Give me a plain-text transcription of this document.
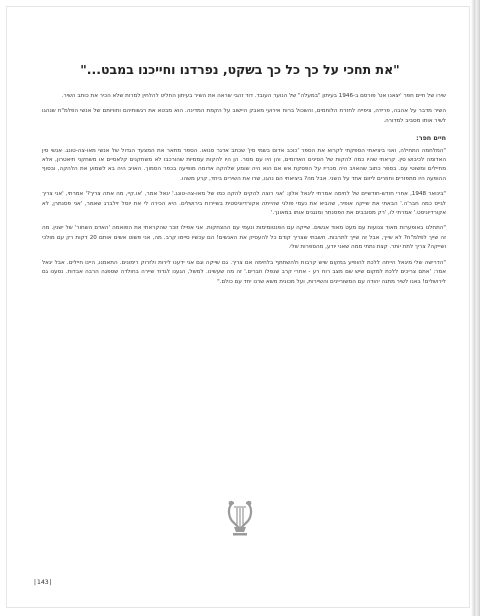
"את תחכי על כך כל כך בשקט, נפרדנו וחייכנו במבט..."

שירו של חיים חפר 'יצאנו אט' פורסם ב-1946 בעיתון "במעלה" של הנוער העובד. דוד זהבי שראה את השיר בעיתון החליט להלחין למרות שלא הכיר את כותב השיר.

השיר מדבר על אהבה, פרידה, ציפייה לחזרת הלוחמים, והשכול ברוח אירועי מאבק היישוב על הקמת המדינה. הוא מבטא את רגשותיהם וחוויותם של אנשי הפלמ"ח שנהגו לשיר אותו מסביב למדורה.

חיים חפר:

"המלחמה התחילה, ואני ביציאתי הספקתי לקרוא את הספר 'כוכב אדום בשמי סין' שכתב אדגר סנואו. הספר מתאר את המצעד הגדול של אנשי מאו-צה-טונג. אנשי סין האדומה לכיבוש סין. קראתי שהיו כמה להקות של הסינים האדומים, והן היו עם מסר. הן היו להקות עממיות שהורכבו לא משחקנים קלאסיים או משחקני תיאטרון, אלא מחיילים ומשוטי עם. בספר כתוב שהאויב היה מכריז על הפסקת אש אם הוא היה שומע שלהקה אדומה מופיעה בכפר הסמוך. האויב היה בא לשמוע את הלהקה, ובסוף ההופעה היו מתפזרים וחוזרים ליזום אחד על השני. אבל מה? ביציאתי הם נהגו, שרו את השירים ביחד, קרע משהו.

"בינואר 1948, אחרי חודש-חודשיים של לחימה אמרתי ליגאל אלון: 'אני רוצה להקים להקה כמו של מאו-צה-טונג.' יגאל אמר, 'או.קיי, מה אתה צריך?' אמרתי, 'אני צריך לגייס כמה חבר'ה.' הבאתי את שייקה אופיר, שהביא את נעמי פולני שהייתה אקורדיוניסטית בשיירות בירושלים. היא הכירה לי את יוסל זילברג שאמר, 'אני פסנתרן, לא אקורדיוניסט.' אמרתי לו, 'רק מסובבים את הפסנתר ומנגנים אותו במאונך.'

"התחלנו באופערות מאוד צנועות עם מעט מאוד אנשים. שייקה עם הפנטומימות ונעמי עם ההצחקות. אני אפילו זוכר שהקראתי את הפואמה 'האדם השחור' של ישנין. מה זה שייך לפלמ"ח? לא שייך, אבל זה שייך לתרבות. חשבתי שצריך קודם כל להעסיק את האנשים! הם עכשיו סיימו קרב. מה, אני פשוט אשים אותם 20 דקות רק עם מולכי ושייקה? צריך לתת יותר. קצת נתתי ממה שאני יודע, מהספרות שלי.

"הדרישה שלי מיגאל הייתה ללכת להופיע במקום שיש קרבות ולהשתתף בלחימה אם צריך. גם שייקה וגם אני ידענו לירות ולזרוק רימונים. התאמנו, היינו חיילים. אבל יגאל אמר: 'אתם צריכים ללכת למקום שיש שם מצב רוח רע - אחרי קרב שנפלו חברים.' זה מה שעשינו. למשל, הגענו לגדוד שיירה בחולדה שספגה הרבה אבדות. נסענו גם לירושלים! באנו לשיר מתנה יהודה עם המשוריינים והשיירות, ועל מכונית משא שרנו יחד עם כולם."

|143|
